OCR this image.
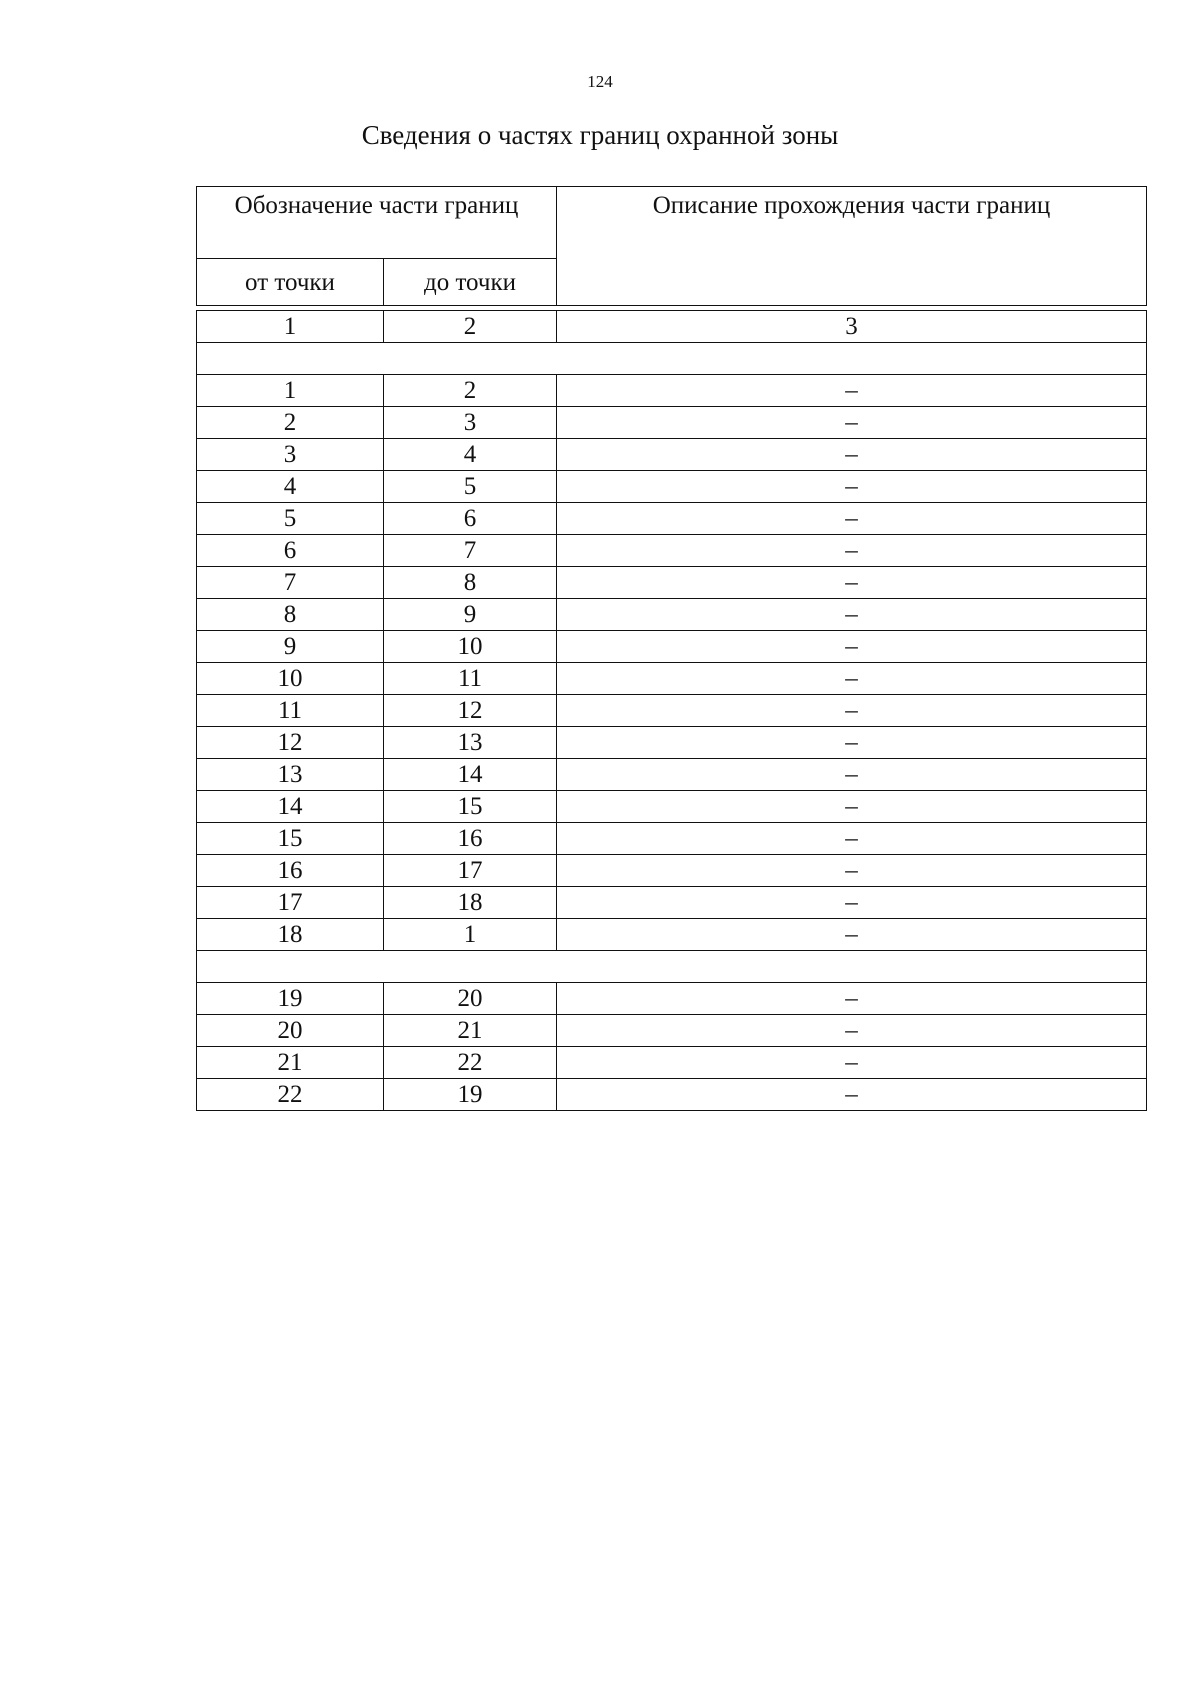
124
Сведения о частях границ охранной зоны
Обозначение части границ		Описание прохождения части границ

от точки	до точки	

1	2	3

1	2	–
2	3	–
3	4	–
4	5	–
5	6	–
6	7	–
7	8	–
8	9	–
9	10	–
10	11	–
11	12	–
12	13	–
13	14	–
14	15	–
15	16	–
16	17	–
17	18	–
18	1	–

19	20	–
20	21	–
21	22	–
22	19	–
